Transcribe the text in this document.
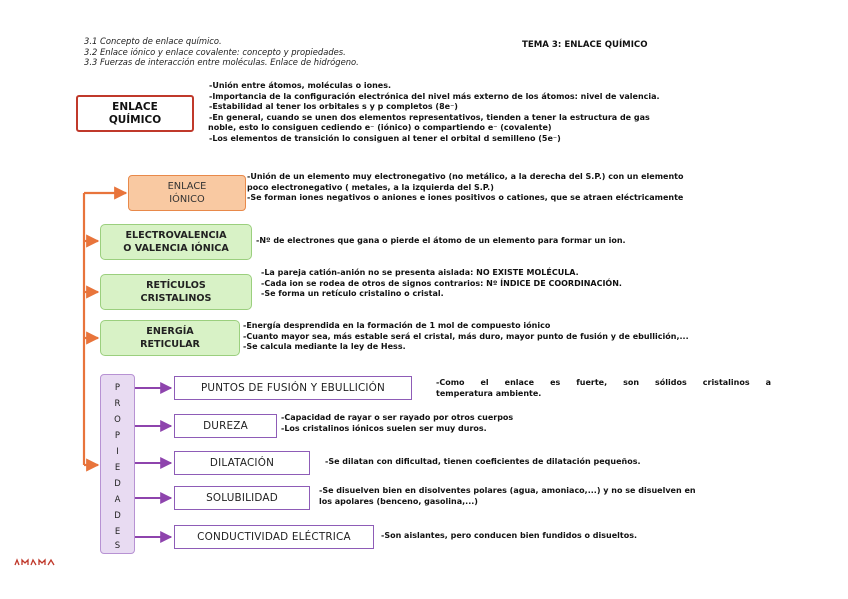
3.1 Concepto de enlace químico.
3.2 Enlace iónico y enlace covalente: concepto y propiedades.
3.3 Fuerzas de interacción entre moléculas. Enlace de hidrógeno.
TEMA 3: ENLACE QUÍMICO
ENLACE
QUÍMICO
-Unión entre átomos, moléculas o iones.
-Importancia de la configuración electrónica del nivel más externo de los átomos: nivel de valencia.
-Estabilidad al tener los orbitales s y p completos (8e⁻)
-En general, cuando se unen dos elementos representativos, tienden a tener la estructura de gas
noble, esto lo consiguen cediendo e⁻ (iónico) o compartiendo e⁻ (covalente)
-Los elementos de transición lo consiguen al tener el orbital d semilleno (5e⁻)
ENLACE
IÓNICO
-Unión de un elemento muy electronegativo (no metálico, a la derecha del S.P.) con un elemento
poco electronegativo ( metales, a la izquierda del S.P.)
-Se forman iones negativos o aniones e iones positivos o cationes, que se atraen eléctricamente
ELECTROVALENCIA
O VALENCIA IÓNICA
-Nº de electrones que gana o pierde el átomo de un elemento para formar un ion.
RETÍCULOS
CRISTALINOS
-La pareja catión-anión no se presenta aislada: NO EXISTE MOLÉCULA.
-Cada ion se rodea de otros de signos contrarios: Nº ÍNDICE DE COORDINACIÓN.
-Se forma un retículo cristalino o cristal.
ENERGÍA
RETICULAR
-Energía desprendida en la formación de 1 mol de compuesto iónico
-Cuanto mayor sea, más estable será el cristal, más duro, mayor punto de fusión y de ebullición,...
-Se calcula mediante la ley de Hess.
P
R
O
P
I
E
D
A
D
E
S
PUNTOS DE FUSIÓN Y EBULLICIÓN	-Como el enlace es fuerte, son sólidos cristalinos a
temperatura ambiente.
DUREZA
-Capacidad de rayar o ser rayado por otros cuerpos
-Los cristalinos iónicos suelen ser muy duros.
DILATACIÓN	-Se dilatan con dificultad, tienen coeficientes de dilatación pequeños.
SOLUBILIDAD
-Se disuelven bien en disolventes polares (agua, amoniaco,...) y no se disuelven en
los apolares (benceno, gasolina,...)
CONDUCTIVIDAD ELÉCTRICA	-Son aislantes, pero conducen bien fundidos o disueltos.
